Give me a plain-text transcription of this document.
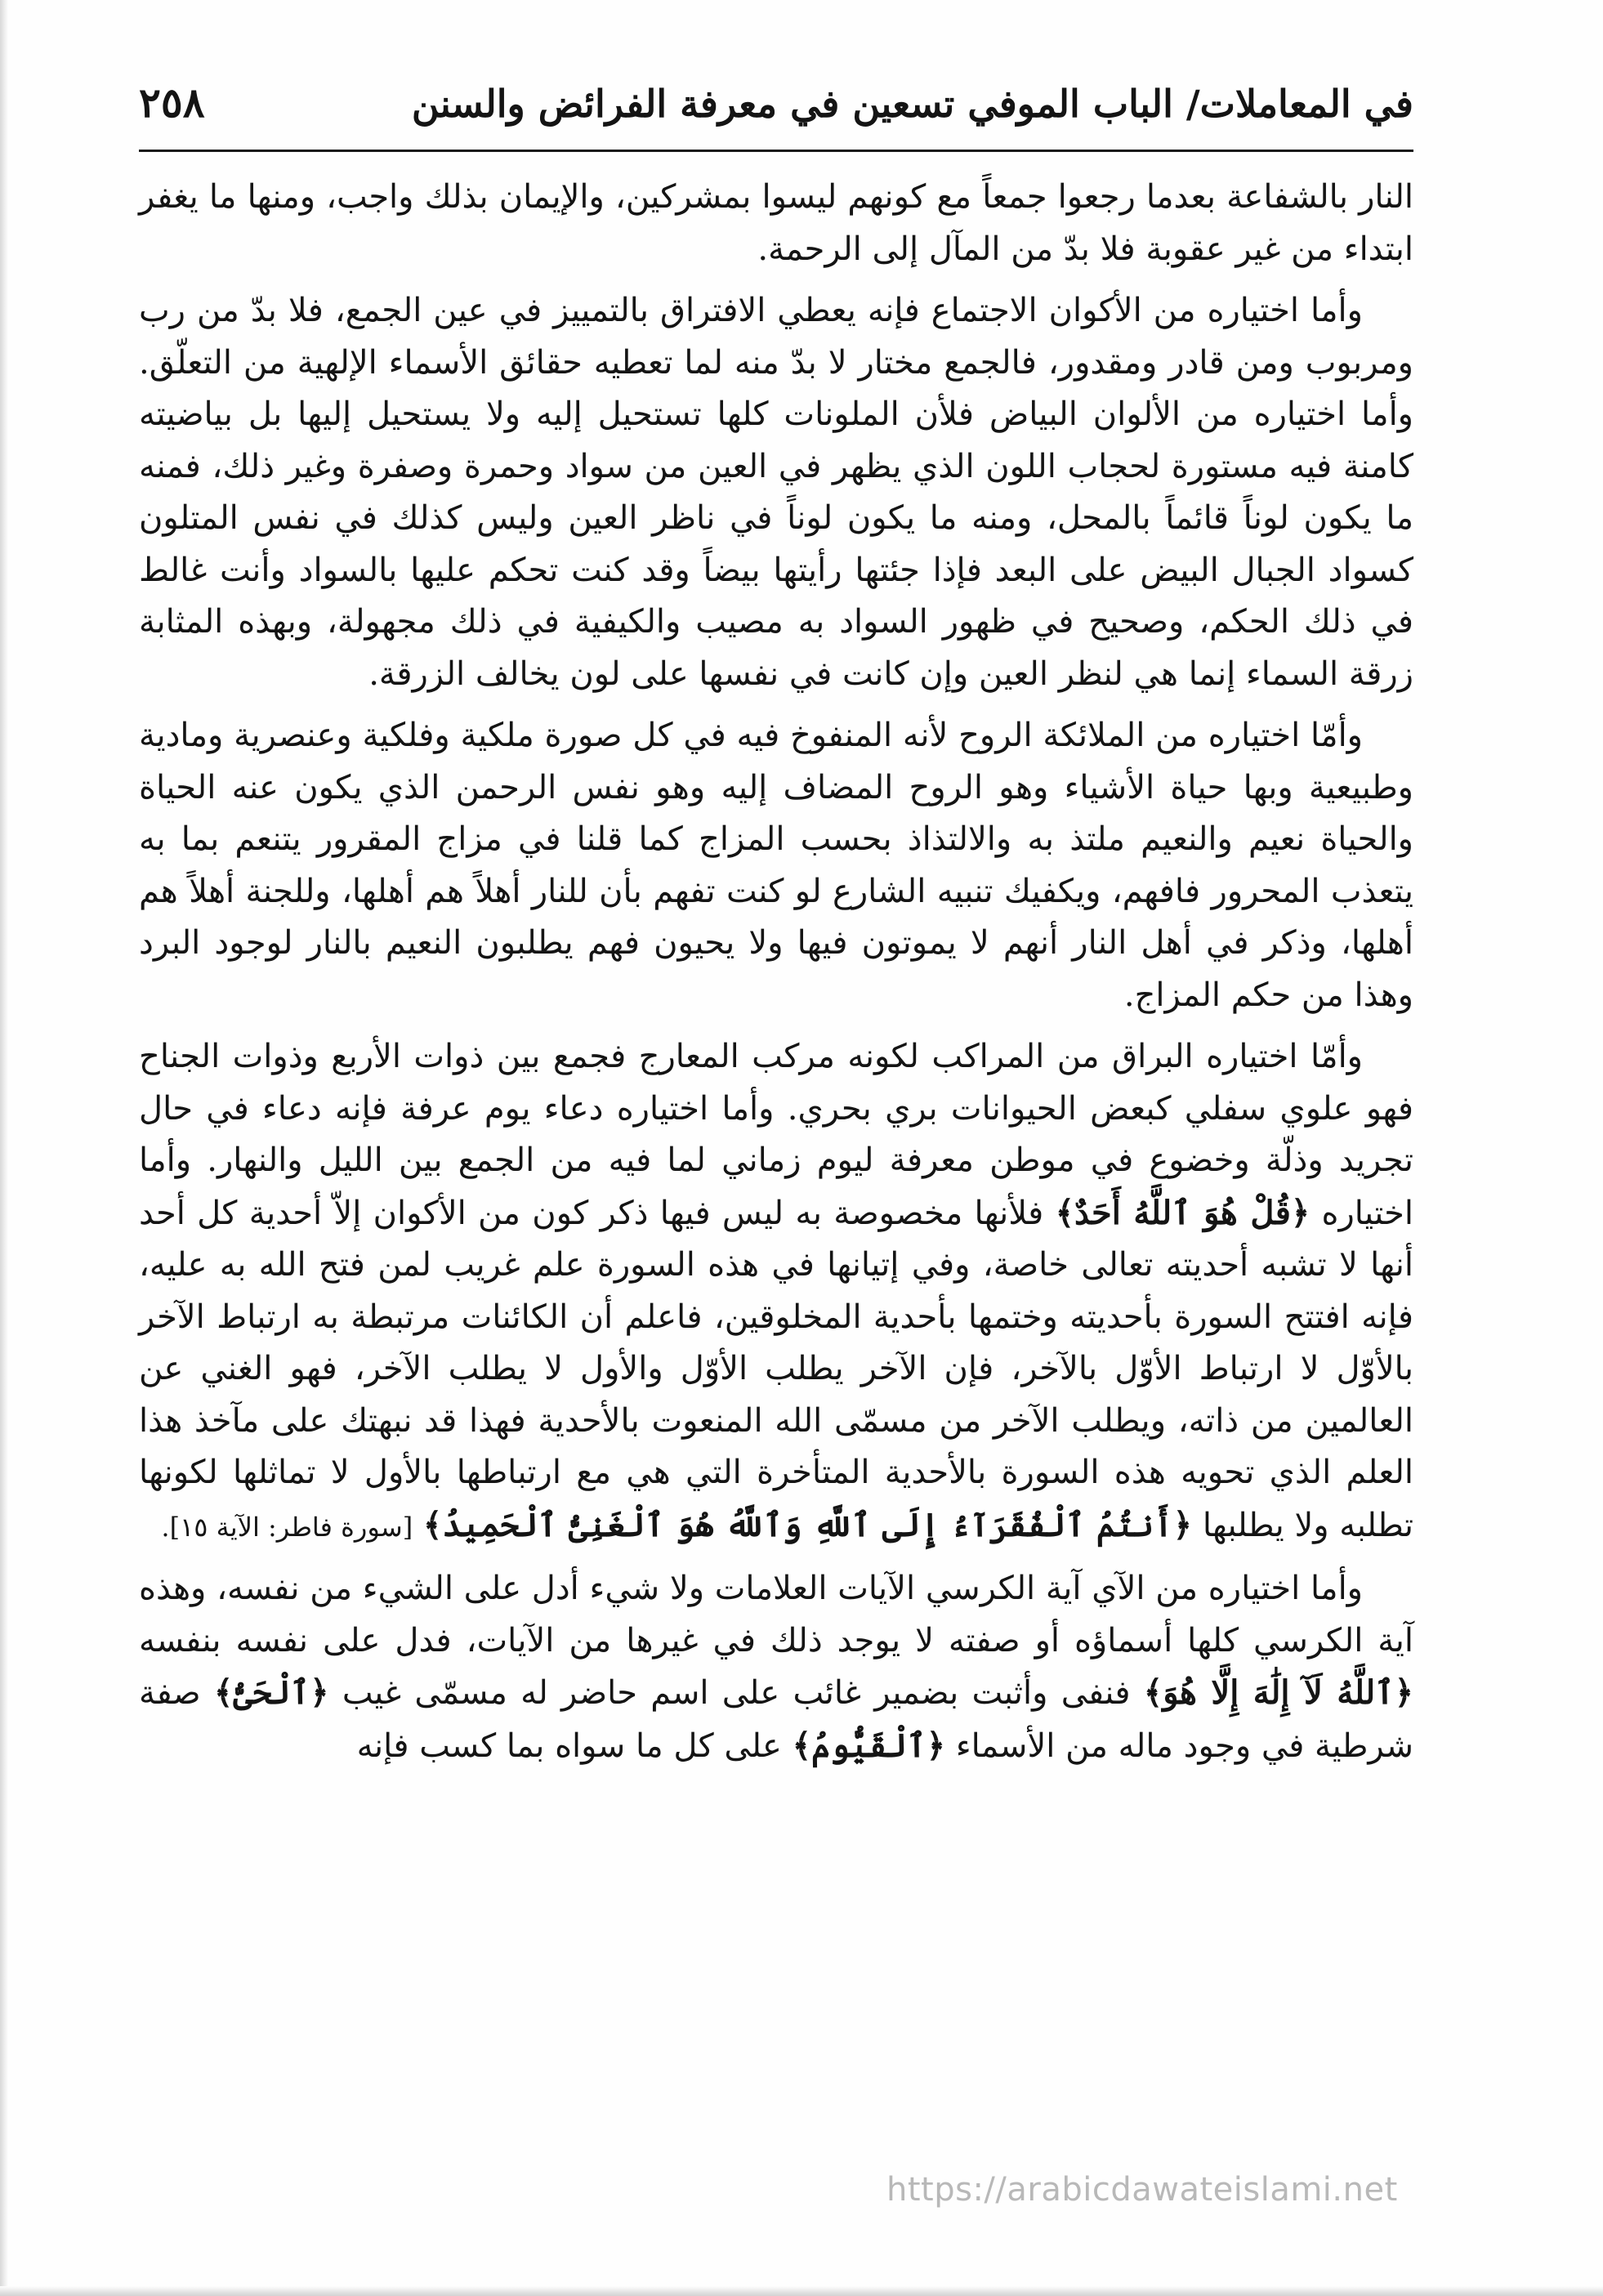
في المعاملات/ الباب الموفي تسعين في معرفة الفرائض والسنن
٢٥٨

النار بالشفاعة بعدما رجعوا جمعاً مع كونهم ليسوا بمشركين، والإيمان بذلك واجب، ومنها ما يغفر ابتداء من غير عقوبة فلا بدّ من المآل إلى الرحمة.

وأما اختياره من الأكوان الاجتماع فإنه يعطي الافتراق بالتمييز في عين الجمع، فلا بدّ من رب ومربوب ومن قادر ومقدور، فالجمع مختار لا بدّ منه لما تعطيه حقائق الأسماء الإلهية من التعلّق. وأما اختياره من الألوان البياض فلأن الملونات كلها تستحيل إليه ولا يستحيل إليها بل بياضيته كامنة فيه مستورة لحجاب اللون الذي يظهر في العين من سواد وحمرة وصفرة وغير ذلك، فمنه ما يكون لوناً قائماً بالمحل، ومنه ما يكون لوناً في ناظر العين وليس كذلك في نفس المتلون كسواد الجبال البيض على البعد فإذا جئتها رأيتها بيضاً وقد كنت تحكم عليها بالسواد وأنت غالط في ذلك الحكم، وصحيح في ظهور السواد به مصيب والكيفية في ذلك مجهولة، وبهذه المثابة زرقة السماء إنما هي لنظر العين وإن كانت في نفسها على لون يخالف الزرقة.

وأمّا اختياره من الملائكة الروح لأنه المنفوخ فيه في كل صورة ملكية وفلكية وعنصرية ومادية وطبيعية وبها حياة الأشياء وهو الروح المضاف إليه وهو نفس الرحمن الذي يكون عنه الحياة والحياة نعيم والنعيم ملتذ به والالتذاذ بحسب المزاج كما قلنا في مزاج المقرور يتنعم بما به يتعذب المحرور فافهم، ويكفيك تنبيه الشارع لو كنت تفهم بأن للنار أهلاً هم أهلها، وللجنة أهلاً هم أهلها، وذكر في أهل النار أنهم لا يموتون فيها ولا يحيون فهم يطلبون النعيم بالنار لوجود البرد وهذا من حكم المزاج.

وأمّا اختياره البراق من المراكب لكونه مركب المعارج فجمع بين ذوات الأربع وذوات الجناح فهو علوي سفلي كبعض الحيوانات بري بحري. وأما اختياره دعاء يوم عرفة فإنه دعاء في حال تجريد وذلّة وخضوع في موطن معرفة ليوم زماني لما فيه من الجمع بين الليل والنهار. وأما اختياره ﴿قُلْ هُوَ ٱللَّهُ أَحَدٌ﴾ فلأنها مخصوصة به ليس فيها ذكر كون من الأكوان إلاّ أحدية كل أحد أنها لا تشبه أحديته تعالى خاصة، وفي إتيانها في هذه السورة علم غريب لمن فتح الله به عليه، فإنه افتتح السورة بأحديته وختمها بأحدية المخلوقين، فاعلم أن الكائنات مرتبطة به ارتباط الآخر بالأوّل لا ارتباط الأوّل بالآخر، فإن الآخر يطلب الأوّل والأول لا يطلب الآخر، فهو الغني عن العالمين من ذاته، ويطلب الآخر من مسمّى الله المنعوت بالأحدية فهذا قد نبهتك على مآخذ هذا العلم الذي تحويه هذه السورة بالأحدية المتأخرة التي هي مع ارتباطها بالأول لا تماثلها لكونها تطلبه ولا يطلبها ﴿أَنتُمُ ٱلْفُقَرَآءُ إِلَى ٱللَّهِ وَٱللَّهُ هُوَ ٱلْغَنِىُّ ٱلْحَمِيدُ﴾ [سورة فاطر: الآية ١٥].

وأما اختياره من الآي آية الكرسي الآيات العلامات ولا شيء أدل على الشيء من نفسه، وهذه آية الكرسي كلها أسماؤه أو صفته لا يوجد ذلك في غيرها من الآيات، فدل على نفسه بنفسه ﴿ٱللَّهُ لَآ إِلَٰهَ إِلَّا هُوَ﴾ فنفى وأثبت بضمير غائب على اسم حاضر له مسمّى غيب ﴿ٱلْحَىُّ﴾ صفة شرطية في وجود ماله من الأسماء ﴿ٱلْقَيُّومُ﴾ على كل ما سواه بما كسب فإنه

https://arabicdawateislami.net
